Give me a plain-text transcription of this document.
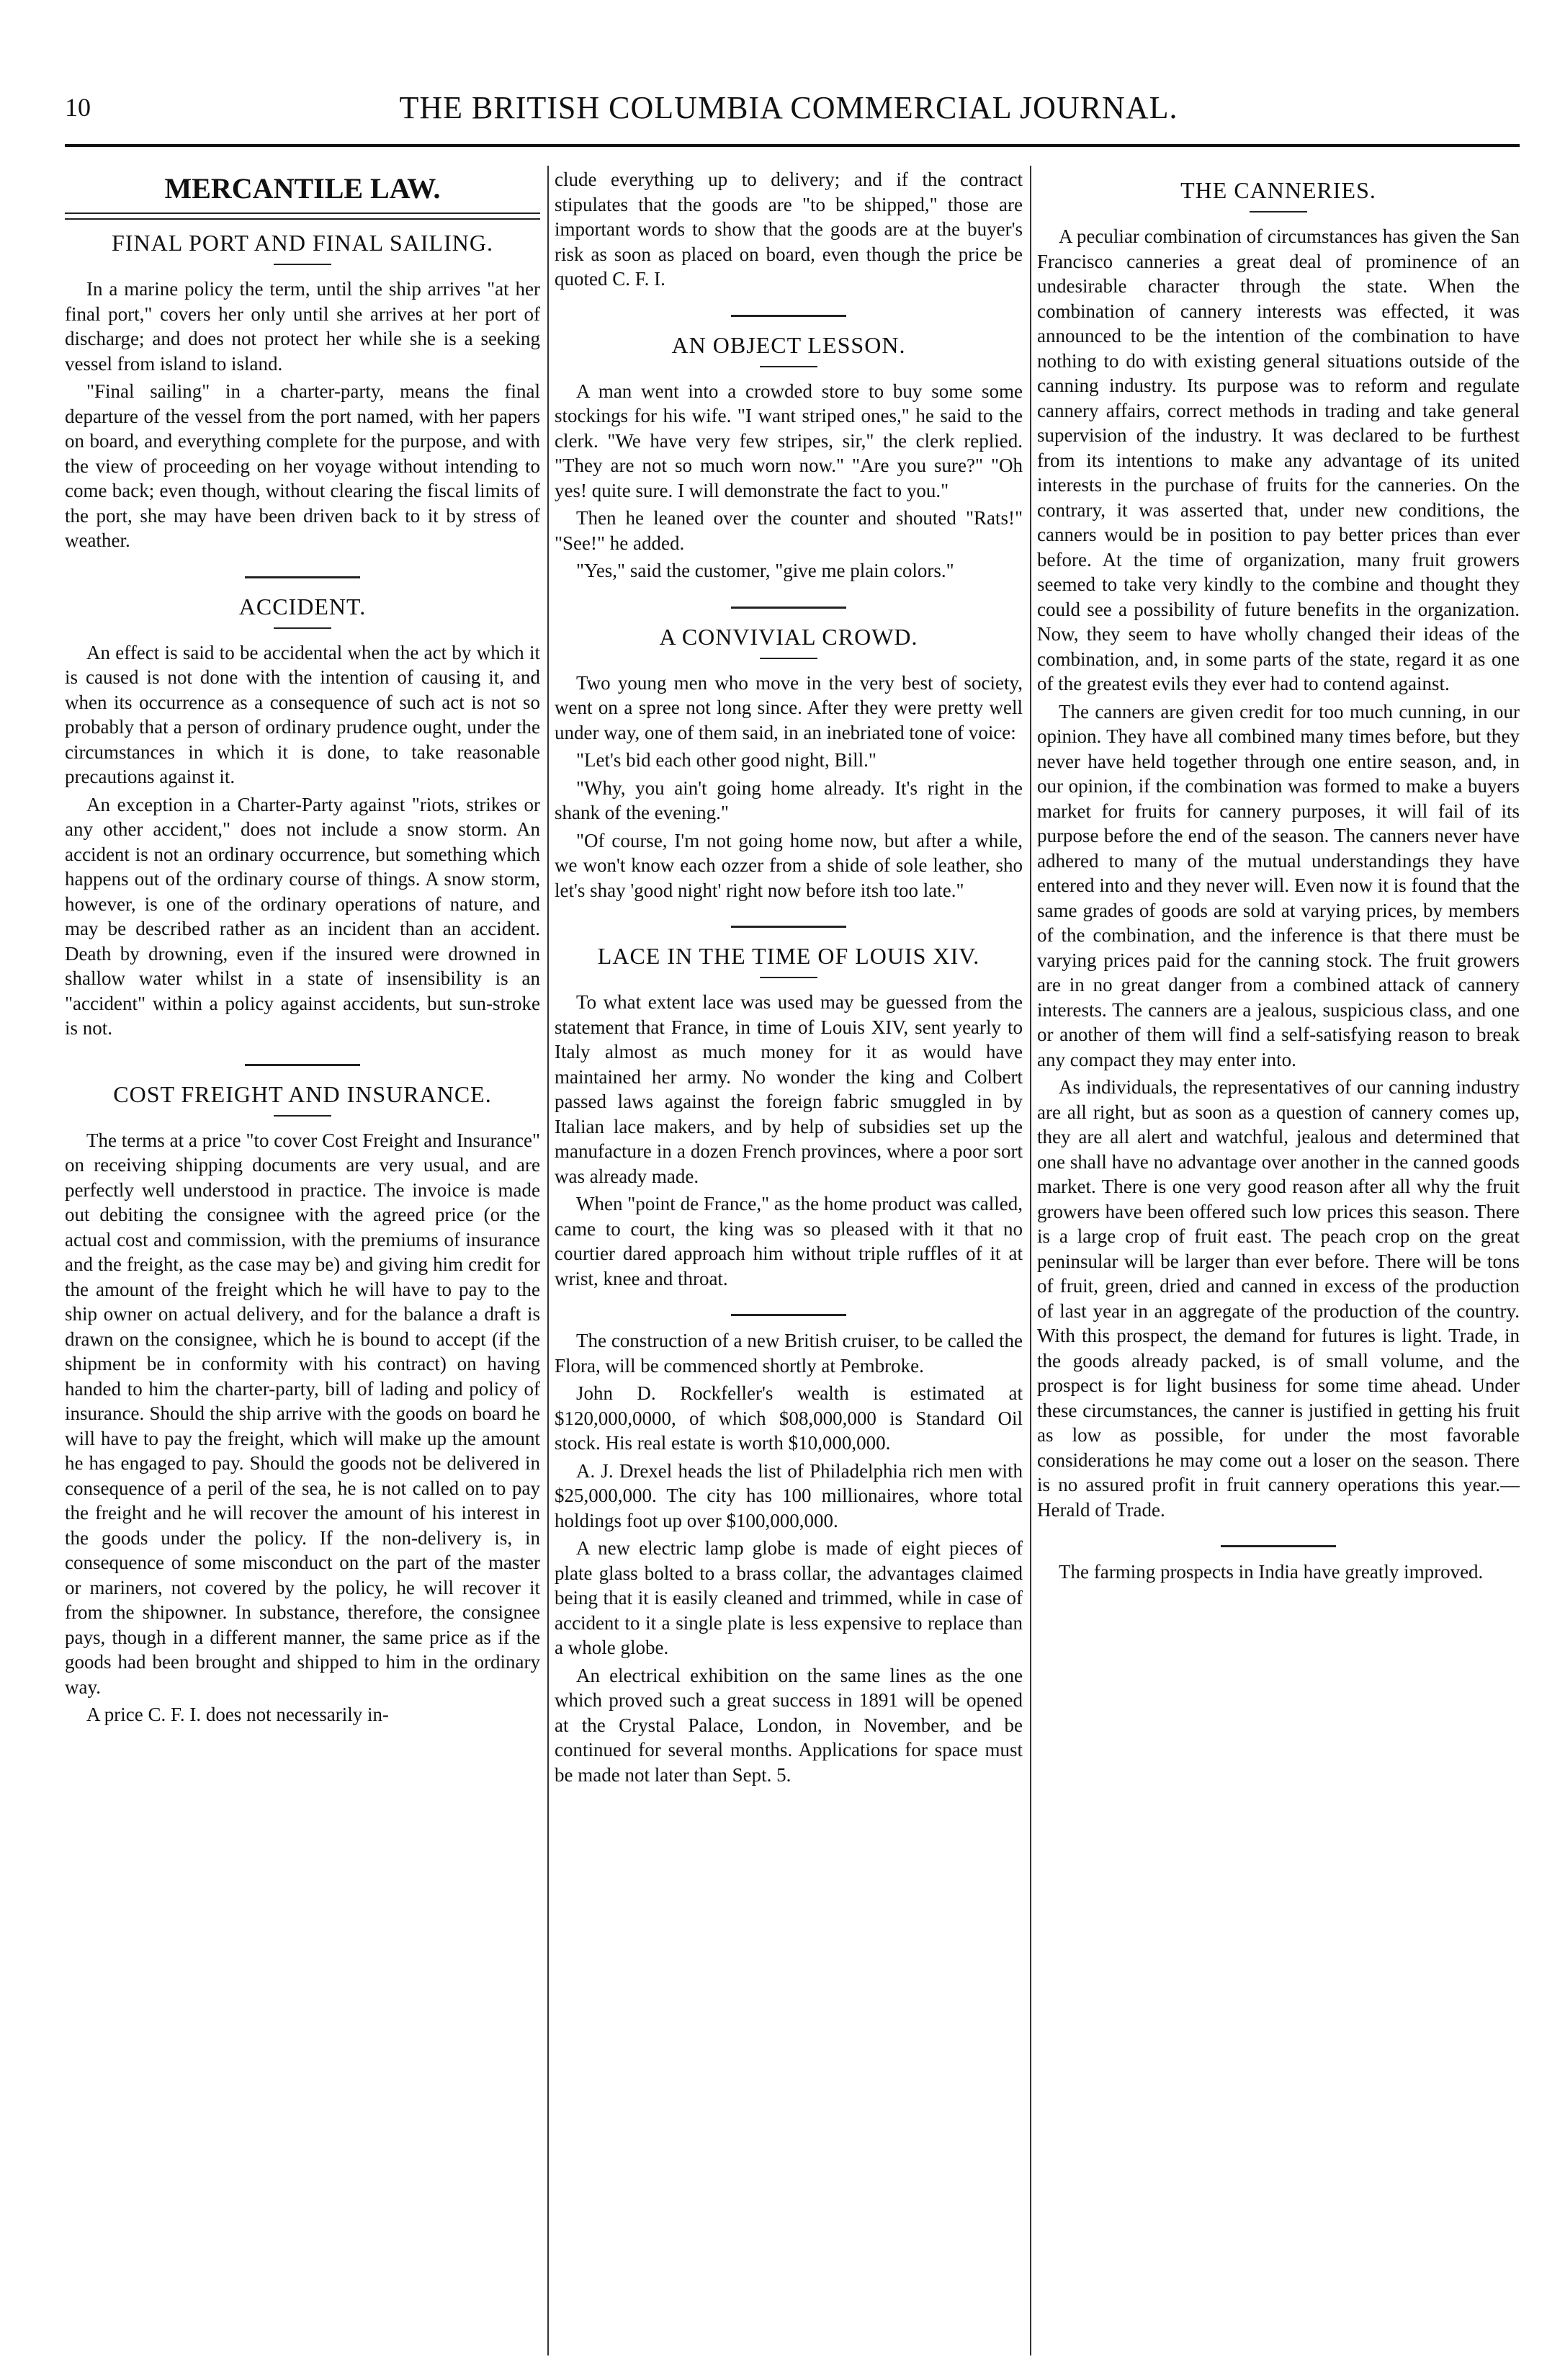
10	THE BRITISH COLUMBIA COMMERCIAL JOURNAL.
MERCANTILE LAW.
FINAL PORT AND FINAL SAILING.

In a marine policy the term, until the ship arrives "at her final port," covers her only until she arrives at her port of discharge; and does not protect her while she is a seeking vessel from island to island.

"Final sailing" in a charter-party, means the final departure of the vessel from the port named, with her papers on board, and everything complete for the purpose, and with the view of proceeding on her voyage without intending to come back; even though, without clearing the fiscal limits of the port, she may have been driven back to it by stress of weather.

ACCIDENT.

An effect is said to be accidental when the act by which it is caused is not done with the intention of causing it, and when its occurrence as a consequence of such act is not so probably that a person of ordinary prudence ought, under the circumstances in which it is done, to take reasonable precautions against it.

An exception in a Charter-Party against "riots, strikes or any other accident," does not include a snow storm. An accident is not an ordinary occurrence, but something which happens out of the ordinary course of things. A snow storm, however, is one of the ordinary operations of nature, and may be described rather as an incident than an accident. Death by drowning, even if the insured were drowned in shallow water whilst in a state of insensibility is an "accident" within a policy against accidents, but sun-stroke is not.

COST FREIGHT AND INSURANCE.

The terms at a price "to cover Cost Freight and Insurance" on receiving shipping documents are very usual, and are perfectly well understood in practice. The invoice is made out debiting the consignee with the agreed price (or the actual cost and commission, with the premiums of insurance and the freight, as the case may be) and giving him credit for the amount of the freight which he will have to pay to the ship owner on actual delivery, and for the balance a draft is drawn on the consignee, which he is bound to accept (if the shipment be in conformity with his contract) on having handed to him the charter-party, bill of lading and policy of insurance. Should the ship arrive with the goods on board he will have to pay the freight, which will make up the amount he has engaged to pay. Should the goods not be delivered in consequence of a peril of the sea, he is not called on to pay the freight and he will recover the amount of his interest in the goods under the policy. If the non-delivery is, in consequence of some misconduct on the part of the master or mariners, not covered by the policy, he will recover it from the shipowner. In substance, therefore, the consignee pays, though in a different manner, the same price as if the goods had been brought and shipped to him in the ordinary way.

A price C. F. I. does not necessarily in-

clude everything up to delivery; and if the contract stipulates that the goods are "to be shipped," those are important words to show that the goods are at the buyer's risk as soon as placed on board, even though the price be quoted C. F. I.

AN OBJECT LESSON.

A man went into a crowded store to buy some some stockings for his wife. "I want striped ones," he said to the clerk. "We have very few stripes, sir," the clerk replied. "They are not so much worn now." "Are you sure?" "Oh yes! quite sure. I will demonstrate the fact to you."

Then he leaned over the counter and shouted "Rats!" "See!" he added.

"Yes," said the customer, "give me plain colors."

A CONVIVIAL CROWD.

Two young men who move in the very best of society, went on a spree not long since. After they were pretty well under way, one of them said, in an inebriated tone of voice:

"Let's bid each other good night, Bill."

"Why, you ain't going home already. It's right in the shank of the evening."

"Of course, I'm not going home now, but after a while, we won't know each ozzer from a shide of sole leather, sho let's shay 'good night' right now before itsh too late."

LACE IN THE TIME OF LOUIS XIV.

To what extent lace was used may be guessed from the statement that France, in time of Louis XIV, sent yearly to Italy almost as much money for it as would have maintained her army. No wonder the king and Colbert passed laws against the foreign fabric smuggled in by Italian lace makers, and by help of subsidies set up the manufacture in a dozen French provinces, where a poor sort was already made.

When "point de France," as the home product was called, came to court, the king was so pleased with it that no courtier dared approach him without triple ruffles of it at wrist, knee and throat.

The construction of a new British cruiser, to be called the Flora, will be commenced shortly at Pembroke.

John D. Rockfeller's wealth is estimated at $120,000,0000, of which $08,000,000 is Standard Oil stock. His real estate is worth $10,000,000.

A. J. Drexel heads the list of Philadelphia rich men with $25,000,000. The city has 100 millionaires, whore total holdings foot up over $100,000,000.

A new electric lamp globe is made of eight pieces of plate glass bolted to a brass collar, the advantages claimed being that it is easily cleaned and trimmed, while in case of accident to it a single plate is less expensive to replace than a whole globe.

An electrical exhibition on the same lines as the one which proved such a great success in 1891 will be opened at the Crystal Palace, London, in November, and be continued for several months. Applications for space must be made not later than Sept. 5.

THE CANNERIES.

A peculiar combination of circumstances has given the San Francisco canneries a great deal of prominence of an undesirable character through the state. When the combination of cannery interests was effected, it was announced to be the intention of the combination to have nothing to do with existing general situations outside of the canning industry. Its purpose was to reform and regulate cannery affairs, correct methods in trading and take general supervision of the industry. It was declared to be furthest from its intentions to make any advantage of its united interests in the purchase of fruits for the canneries. On the contrary, it was asserted that, under new conditions, the canners would be in position to pay better prices than ever before. At the time of organization, many fruit growers seemed to take very kindly to the combine and thought they could see a possibility of future benefits in the organization. Now, they seem to have wholly changed their ideas of the combination, and, in some parts of the state, regard it as one of the greatest evils they ever had to contend against.

The canners are given credit for too much cunning, in our opinion. They have all combined many times before, but they never have held together through one entire season, and, in our opinion, if the combination was formed to make a buyers market for fruits for cannery purposes, it will fail of its purpose before the end of the season. The canners never have adhered to many of the mutual understandings they have entered into and they never will. Even now it is found that the same grades of goods are sold at varying prices, by members of the combination, and the inference is that there must be varying prices paid for the canning stock. The fruit growers are in no great danger from a combined attack of cannery interests. The canners are a jealous, suspicious class, and one or another of them will find a self-satisfying reason to break any compact they may enter into.

As individuals, the representatives of our canning industry are all right, but as soon as a question of cannery comes up, they are all alert and watchful, jealous and determined that one shall have no advantage over another in the canned goods market. There is one very good reason after all why the fruit growers have been offered such low prices this season. There is a large crop of fruit east. The peach crop on the great peninsular will be larger than ever before. There will be tons of fruit, green, dried and canned in excess of the production of last year in an aggregate of the production of the country. With this prospect, the demand for futures is light. Trade, in the goods already packed, is of small volume, and the prospect is for light business for some time ahead. Under these circumstances, the canner is justified in getting his fruit as low as possible, for under the most favorable considerations he may come out a loser on the season. There is no assured profit in fruit cannery operations this year.—Herald of Trade.

The farming prospects in India have greatly improved.
